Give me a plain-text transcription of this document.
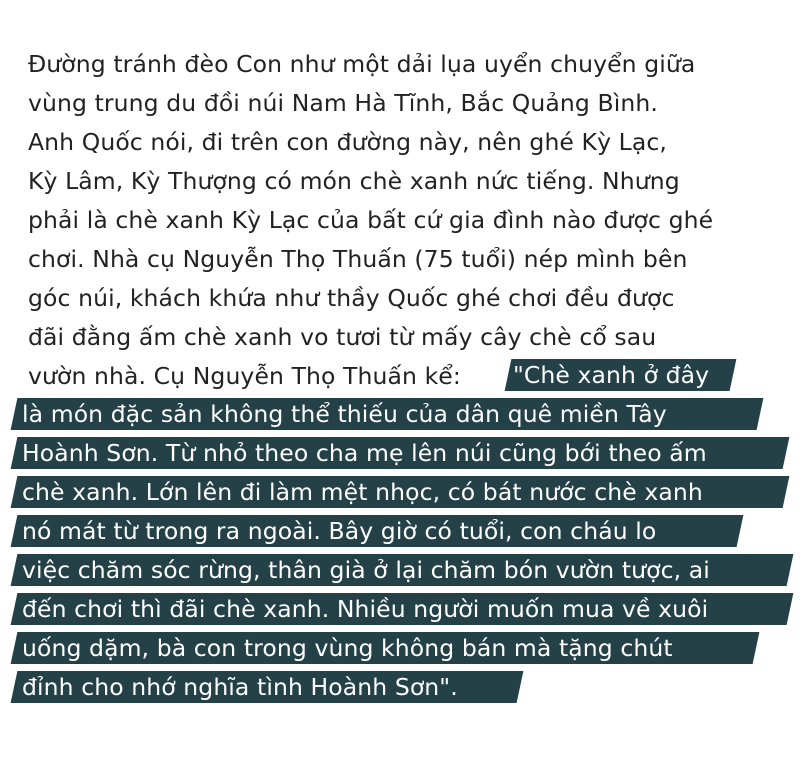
Đường tránh đèo Con như một dải lụa uyển chuyển giữa
vùng trung du đồi núi Nam Hà Tĩnh, Bắc Quảng Bình.
Anh Quốc nói, đi trên con đường này, nên ghé Kỳ Lạc,
Kỳ Lâm, Kỳ Thượng có món chè xanh nức tiếng. Nhưng
phải là chè xanh Kỳ Lạc của bất cứ gia đình nào được ghé
chơi. Nhà cụ Nguyễn Thọ Thuấn (75 tuổi) nép mình bên
góc núi, khách khứa như thầy Quốc ghé chơi đều được
đãi đằng ấm chè xanh vo tươi từ mấy cây chè cổ sau
vườn nhà. Cụ Nguyễn Thọ Thuấn kể: "Chè xanh ở đây
là món đặc sản không thể thiếu của dân quê miền Tây
Hoành Sơn. Từ nhỏ theo cha mẹ lên núi cũng bới theo ấm
chè xanh. Lớn lên đi làm mệt nhọc, có bát nước chè xanh
nó mát từ trong ra ngoài. Bây giờ có tuổi, con cháu lo
việc chăm sóc rừng, thân già ở lại chăm bón vườn tược, ai
đến chơi thì đãi chè xanh. Nhiều người muốn mua về xuôi
uống dặm, bà con trong vùng không bán mà tặng chút
đỉnh cho nhớ nghĩa tình Hoành Sơn".
